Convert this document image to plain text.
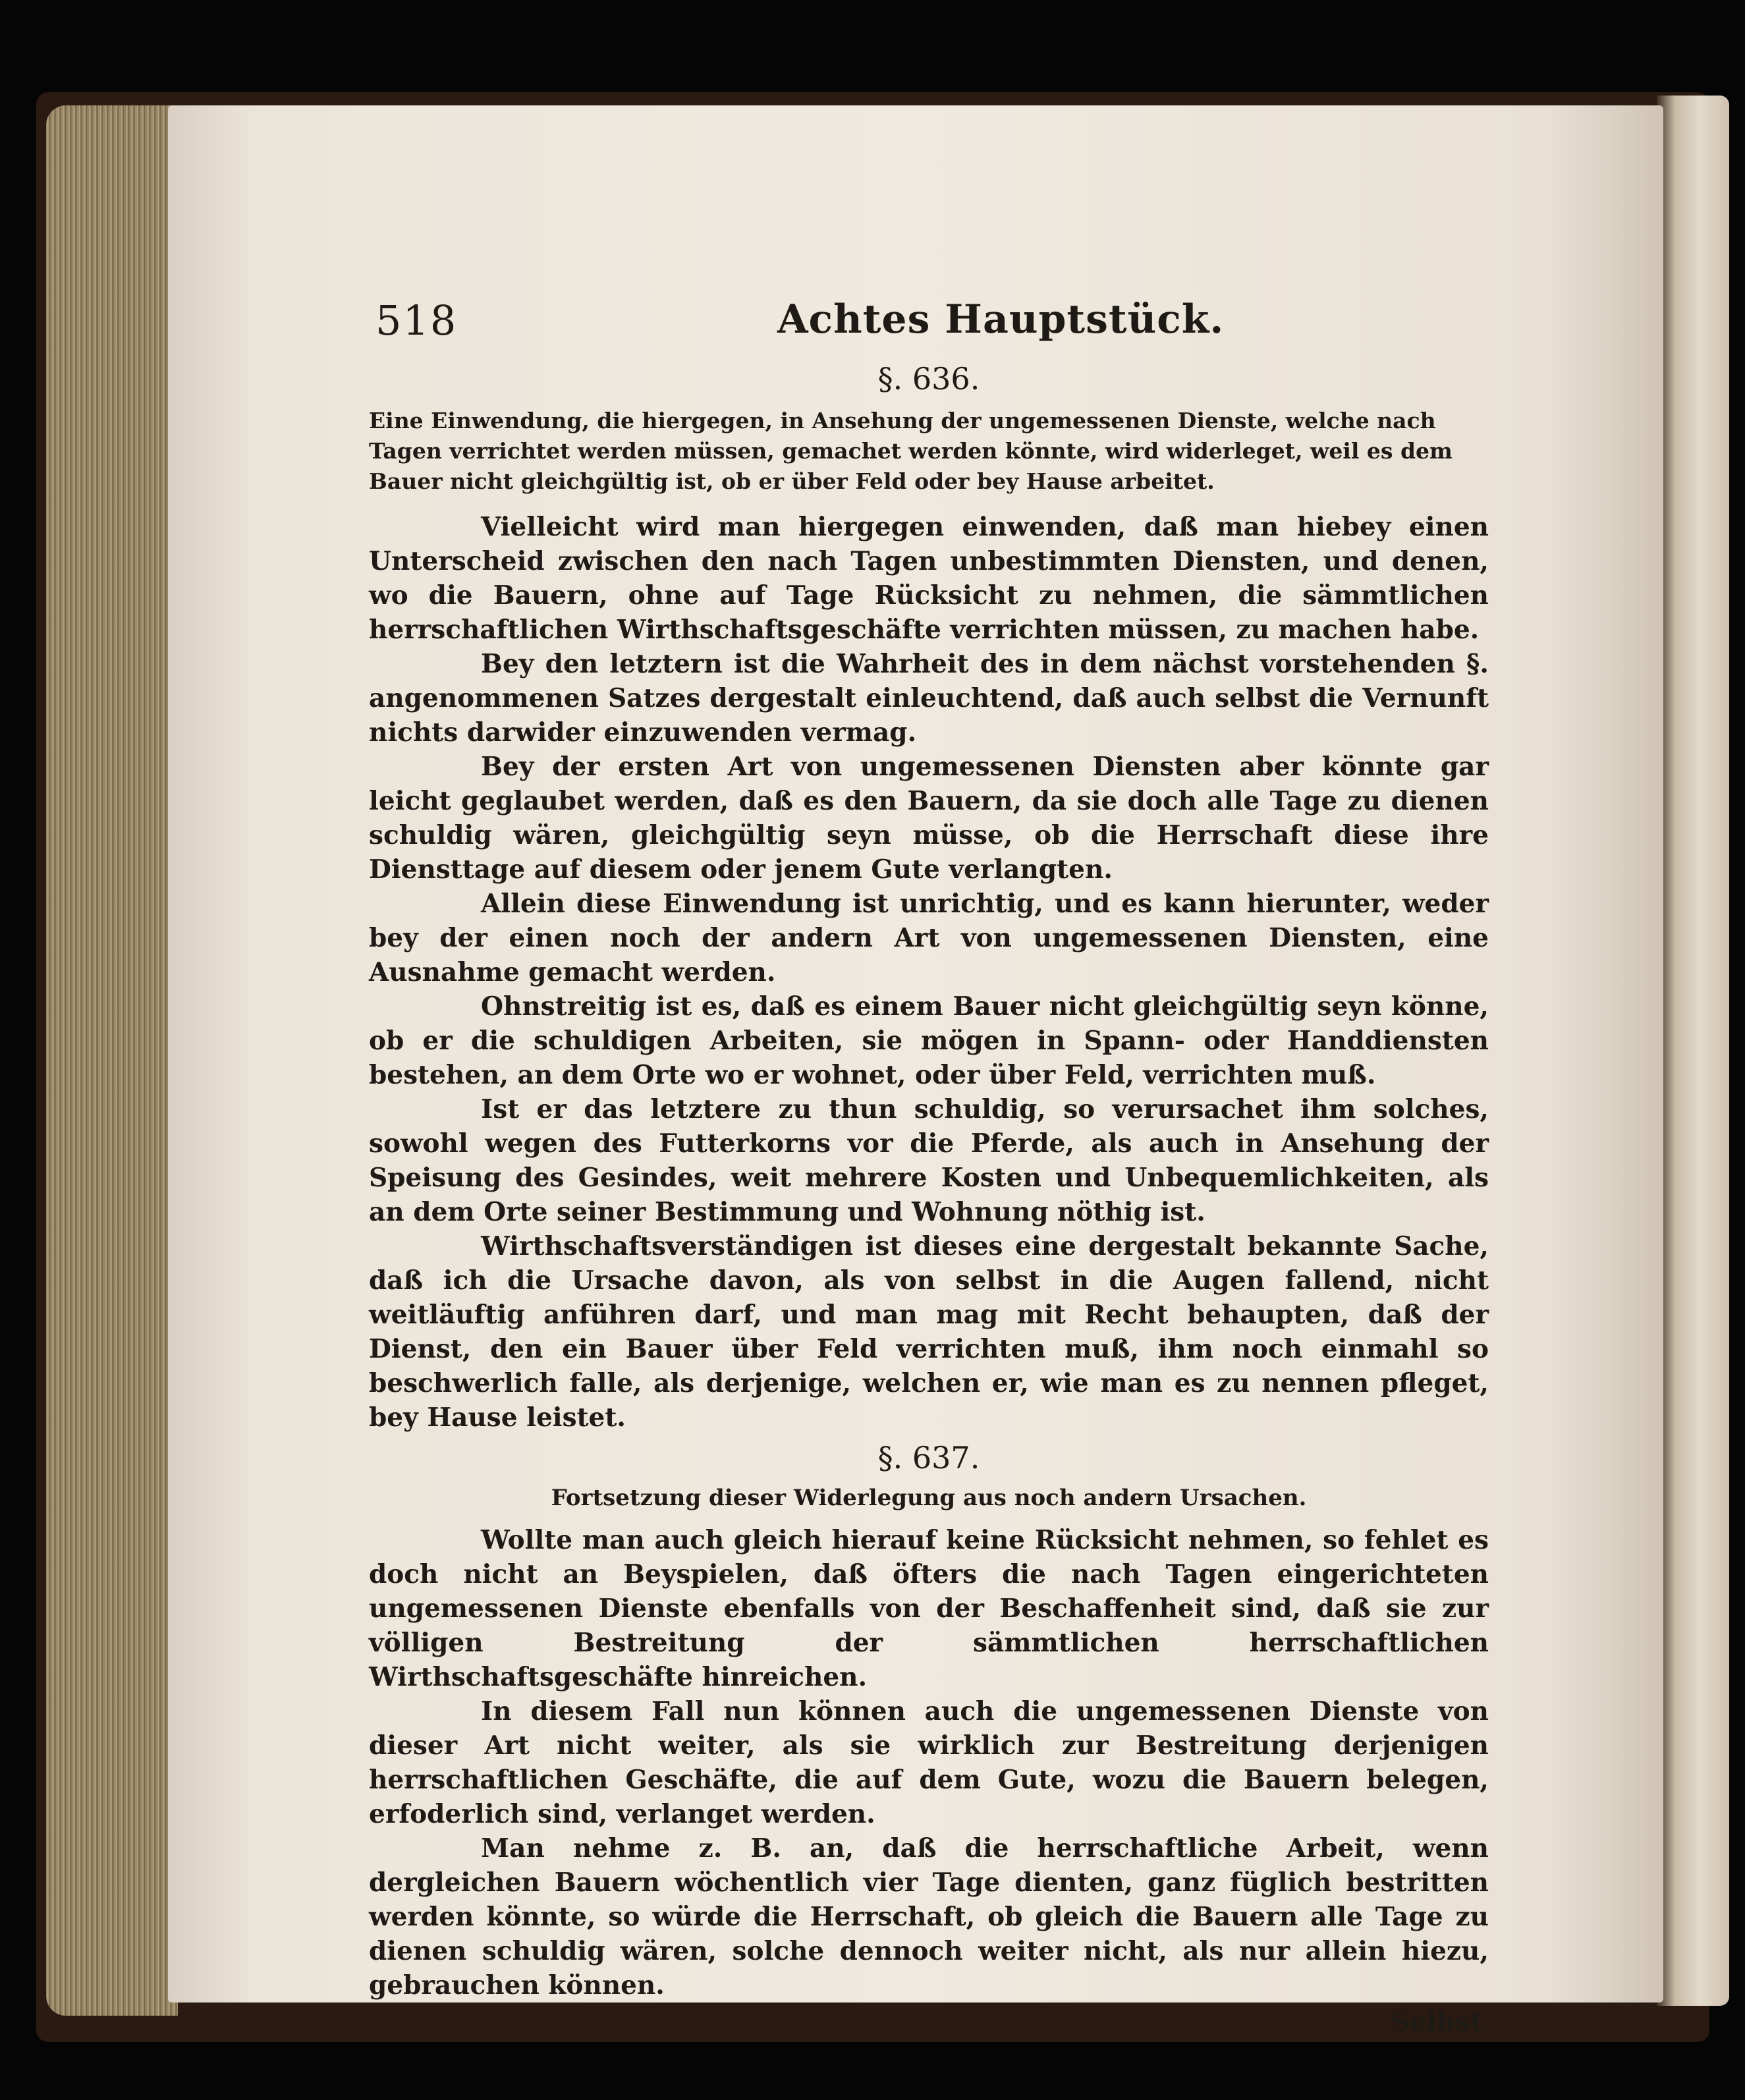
518	Achtes Hauptstück.
§. 636.
Eine Einwendung, die hiergegen, in Ansehung der ungemessenen Dienste, welche nach Tagen verrichtet werden müssen, gemachet werden könnte, wird widerleget, weil es dem Bauer nicht gleichgültig ist, ob er über Feld oder bey Hause arbeitet.

Vielleicht wird man hiergegen einwenden, daß man hiebey einen Unterscheid zwischen den nach Tagen unbestimmten Diensten, und denen, wo die Bauern, ohne auf Tage Rücksicht zu nehmen, die sämmtlichen herrschaftlichen Wirthschaftsgeschäfte verrichten müssen, zu machen habe.

Bey den letztern ist die Wahrheit des in dem nächst vorstehenden §. angenommenen Satzes dergestalt einleuchtend, daß auch selbst die Vernunft nichts darwider einzuwenden vermag.

Bey der ersten Art von ungemessenen Diensten aber könnte gar leicht geglaubet werden, daß es den Bauern, da sie doch alle Tage zu dienen schuldig wären, gleichgültig seyn müsse, ob die Herrschaft diese ihre Diensttage auf diesem oder jenem Gute verlangten.

Allein diese Einwendung ist unrichtig, und es kann hierunter, weder bey der einen noch der andern Art von ungemessenen Diensten, eine Ausnahme gemacht werden.

Ohnstreitig ist es, daß es einem Bauer nicht gleichgültig seyn könne, ob er die schuldigen Arbeiten, sie mögen in Spann- oder Handdiensten bestehen, an dem Orte wo er wohnet, oder über Feld, verrichten muß.

Ist er das letztere zu thun schuldig, so verursachet ihm solches, sowohl wegen des Futterkorns vor die Pferde, als auch in Ansehung der Speisung des Gesindes, weit mehrere Kosten und Unbequemlichkeiten, als an dem Orte seiner Bestimmung und Wohnung nöthig ist.

Wirthschaftsverständigen ist dieses eine dergestalt bekannte Sache, daß ich die Ursache davon, als von selbst in die Augen fallend, nicht weitläuftig anführen darf, und man mag mit Recht behaupten, daß der Dienst, den ein Bauer über Feld verrichten muß, ihm noch einmahl so beschwerlich falle, als derjenige, welchen er, wie man es zu nennen pfleget, bey Hause leistet.

§. 637.
Fortsetzung dieser Widerlegung aus noch andern Ursachen.

Wollte man auch gleich hierauf keine Rücksicht nehmen, so fehlet es doch nicht an Beyspielen, daß öfters die nach Tagen eingerichteten ungemessenen Dienste ebenfalls von der Beschaffenheit sind, daß sie zur völligen Bestreitung der sämmtlichen herrschaftlichen Wirthschaftsgeschäfte hinreichen.

In diesem Fall nun können auch die ungemessenen Dienste von dieser Art nicht weiter, als sie wirklich zur Bestreitung derjenigen herrschaftlichen Geschäfte, die auf dem Gute, wozu die Bauern belegen, erfoderlich sind, verlanget werden.

Man nehme z. B. an, daß die herrschaftliche Arbeit, wenn dergleichen Bauern wöchentlich vier Tage dienten, ganz füglich bestritten werden könnte, so würde die Herrschaft, ob gleich die Bauern alle Tage zu dienen schuldig wären, solche dennoch weiter nicht, als nur allein hiezu, gebrauchen können.

Selbst
